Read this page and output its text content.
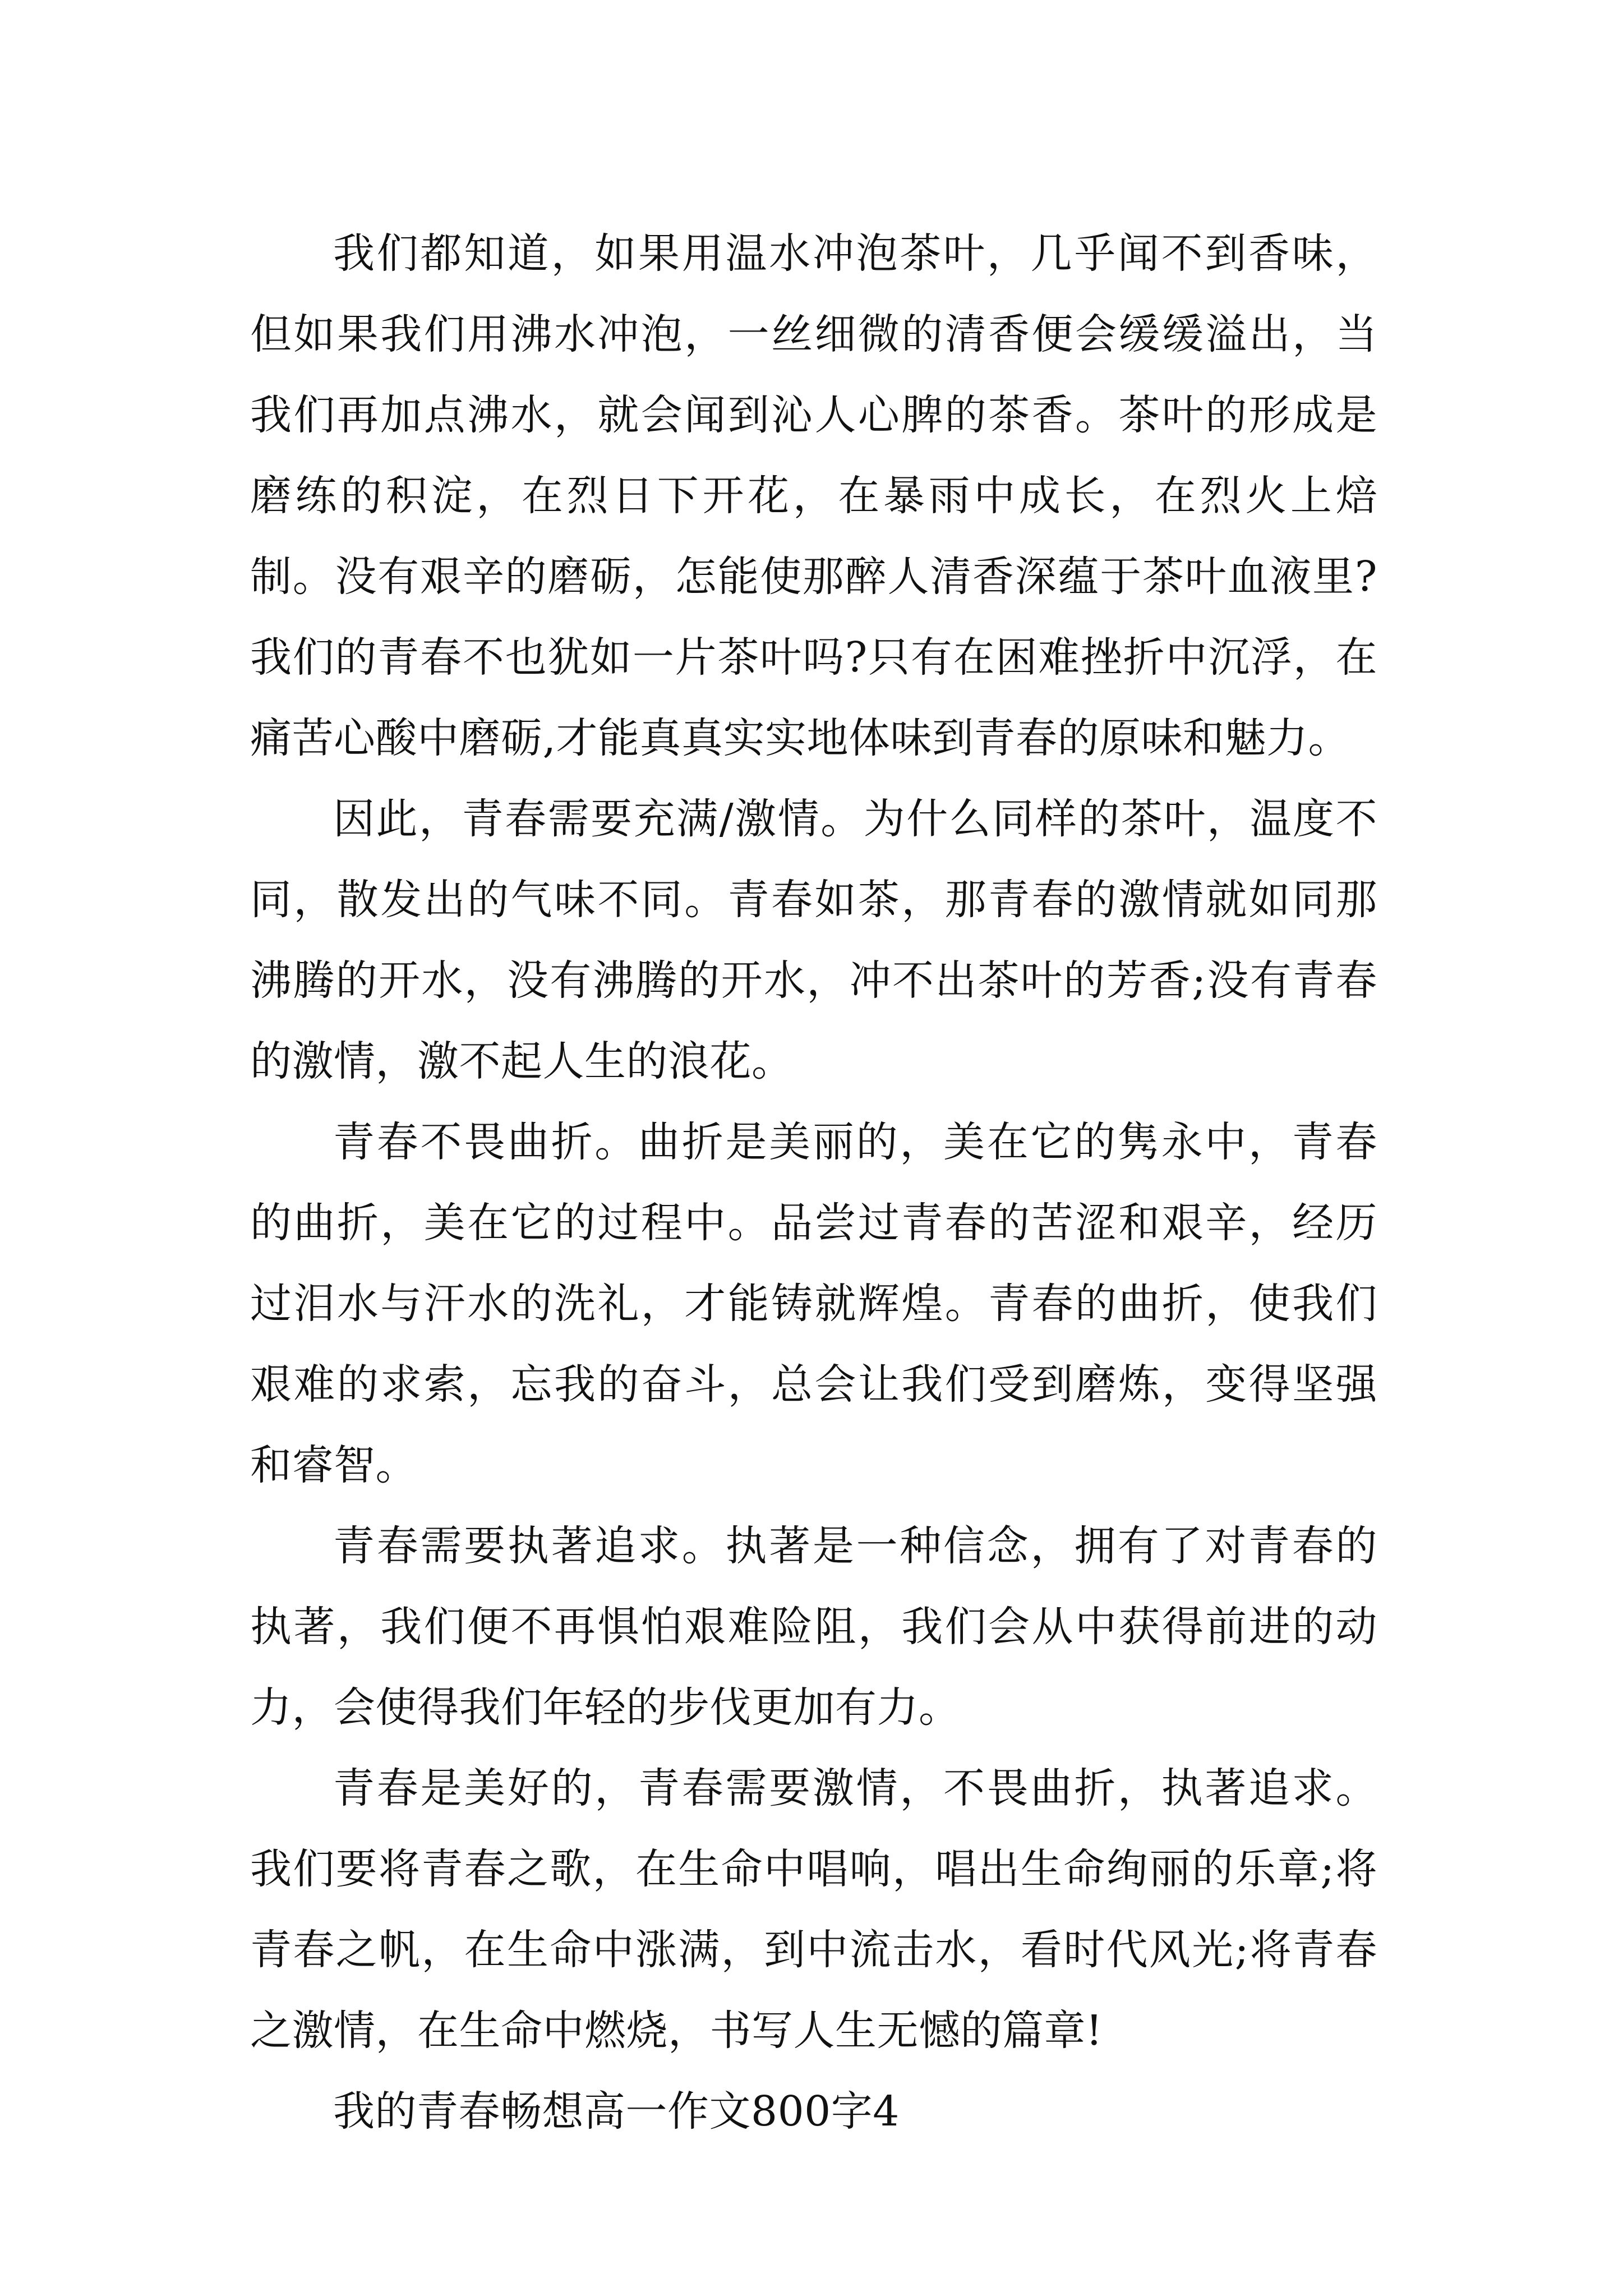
我们都知道，如果用温水冲泡茶叶，几乎闻不到香味，但如果我们用沸水冲泡，一丝细微的清香便会缓缓溢出，当我们再加点沸水，就会闻到沁人心脾的茶香。茶叶的形成是磨练的积淀，在烈日下开花，在暴雨中成长，在烈火上焙制。没有艰辛的磨砺，怎能使那醉人清香深蕴于茶叶血液里?我们的青春不也犹如一片茶叶吗?只有在困难挫折中沉浮，在痛苦心酸中磨砺,才能真真实实地体味到青春的原味和魅力。

因此，青春需要充满/激情。为什么同样的茶叶，温度不同，散发出的气味不同。青春如茶，那青春的激情就如同那沸腾的开水，没有沸腾的开水，冲不出茶叶的芳香;没有青春的激情，激不起人生的浪花。

青春不畏曲折。曲折是美丽的，美在它的隽永中，青春的曲折，美在它的过程中。品尝过青春的苦涩和艰辛，经历过泪水与汗水的洗礼，才能铸就辉煌。青春的曲折，使我们艰难的求索，忘我的奋斗，总会让我们受到磨炼，变得坚强和睿智。

青春需要执著追求。执著是一种信念，拥有了对青春的执著，我们便不再惧怕艰难险阻，我们会从中获得前进的动力，会使得我们年轻的步伐更加有力。

青春是美好的，青春需要激情，不畏曲折，执著追求。我们要将青春之歌，在生命中唱响，唱出生命绚丽的乐章;将青春之帆，在生命中涨满，到中流击水，看时代风光;将青春之激情，在生命中燃烧，书写人生无憾的篇章!

我的青春畅想高一作文800字4
